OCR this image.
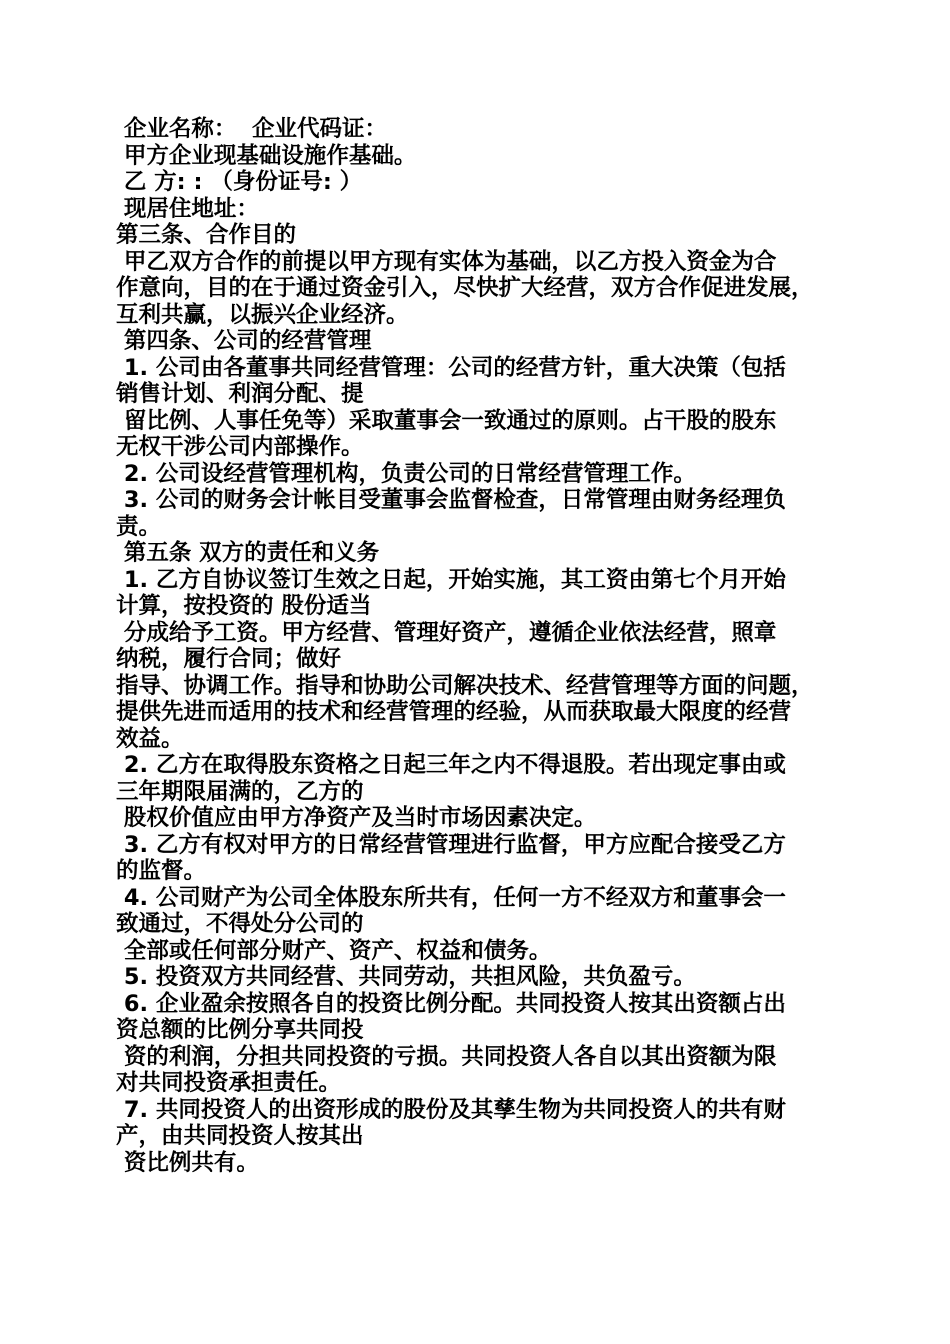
企业名称：  企业代码证：
甲方企业现基础设施作基础。
乙 方: : （身份证号: ）
现居住地址：
第三条、合作目的
甲乙双方合作的前提以甲方现有实体为基础，以乙方投入资金为合
作意向，目的在于通过资金引入，尽快扩大经营，双方合作促进发展，
互利共赢，以振兴企业经济。
第四条、公司的经营管理
1. 公司由各董事共同经营管理：公司的经营方针，重大决策（包括
销售计划、利润分配、提
留比例、人事任免等）采取董事会一致通过的原则。占干股的股东
无权干涉公司内部操作。
2. 公司设经营管理机构，负责公司的日常经营管理工作。
3. 公司的财务会计帐目受董事会监督检查，日常管理由财务经理负
责。
第五条 双方的责任和义务
1. 乙方自协议签订生效之日起，开始实施，其工资由第七个月开始
计算，按投资的 股份适当
分成给予工资。甲方经营、管理好资产，遵循企业依法经营，照章
纳税，履行合同；做好
指导、协调工作。指导和协助公司解决技术、经营管理等方面的问题，
提供先进而适用的技术和经营管理的经验，从而获取最大限度的经营
效益。
2. 乙方在取得股东资格之日起三年之内不得退股。若出现定事由或
三年期限届满的，乙方的
股权价值应由甲方净资产及当时市场因素决定。
3. 乙方有权对甲方的日常经营管理进行监督，甲方应配合接受乙方
的监督。
4. 公司财产为公司全体股东所共有，任何一方不经双方和董事会一
致通过，不得处分公司的
全部或任何部分财产、资产、权益和债务。
5. 投资双方共同经营、共同劳动，共担风险，共负盈亏。
6. 企业盈余按照各自的投资比例分配。共同投资人按其出资额占出
资总额的比例分享共同投
资的利润，分担共同投资的亏损。共同投资人各自以其出资额为限
对共同投资承担责任。
7. 共同投资人的出资形成的股份及其孳生物为共同投资人的共有财
产，由共同投资人按其出
资比例共有。
